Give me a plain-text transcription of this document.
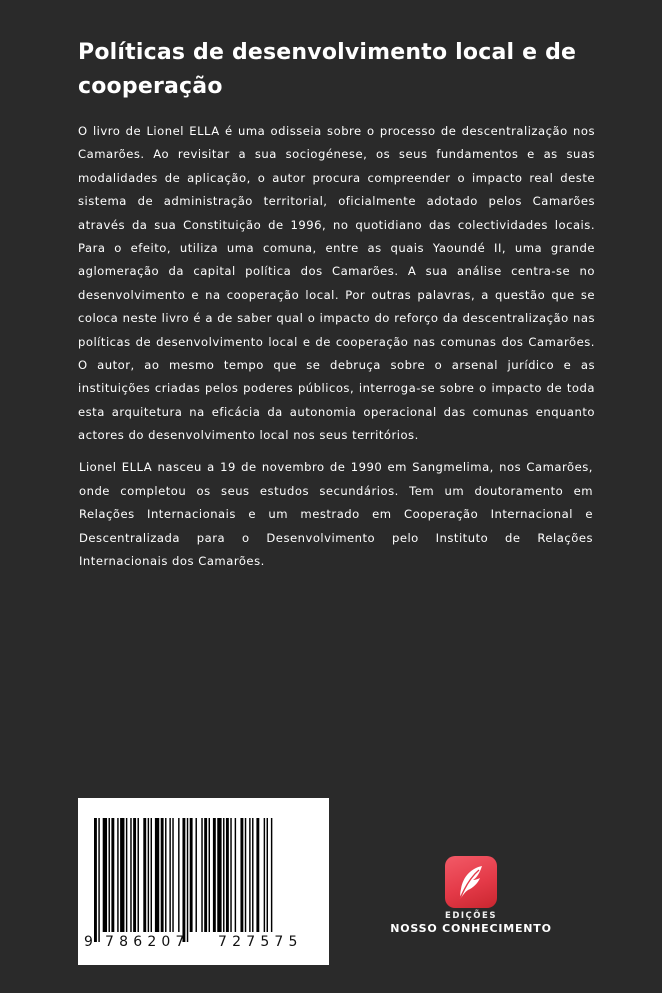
Políticas de desenvolvimento local e de cooperação

O livro de Lionel ELLA é uma odisseia sobre o processo de descentralização nos Camarões. Ao revisitar a sua sociogénese, os seus fundamentos e as suas modalidades de aplicação, o autor procura compreender o impacto real deste sistema de administração territorial, oficialmente adotado pelos Camarões através da sua Constituição de 1996, no quotidiano das colectividades locais. Para o efeito, utiliza uma comuna, entre as quais Yaoundé II, uma grande aglomeração da capital política dos Camarões. A sua análise centra-se no desenvolvimento e na cooperação local. Por outras palavras, a questão que se coloca neste livro é a de saber qual o impacto do reforço da descentralização nas políticas de desenvolvimento local e de cooperação nas comunas dos Camarões. O autor, ao mesmo tempo que se debruça sobre o arsenal jurídico e as instituições criadas pelos poderes públicos, interroga-se sobre o impacto de toda esta arquitetura na eficácia da autonomia operacional das comunas enquanto actores do desenvolvimento local nos seus territórios.

Lionel ELLA nasceu a 19 de novembro de 1990 em Sangmelima, nos Camarões, onde completou os seus estudos secundários. Tem um doutoramento em Relações Internacionais e um mestrado em Cooperação Internacional e Descentralizada para o Desenvolvimento pelo Instituto de Relações Internacionais dos Camarões.

9 786207 727575
EDIÇÕES
NOSSO CONHECIMENTO
